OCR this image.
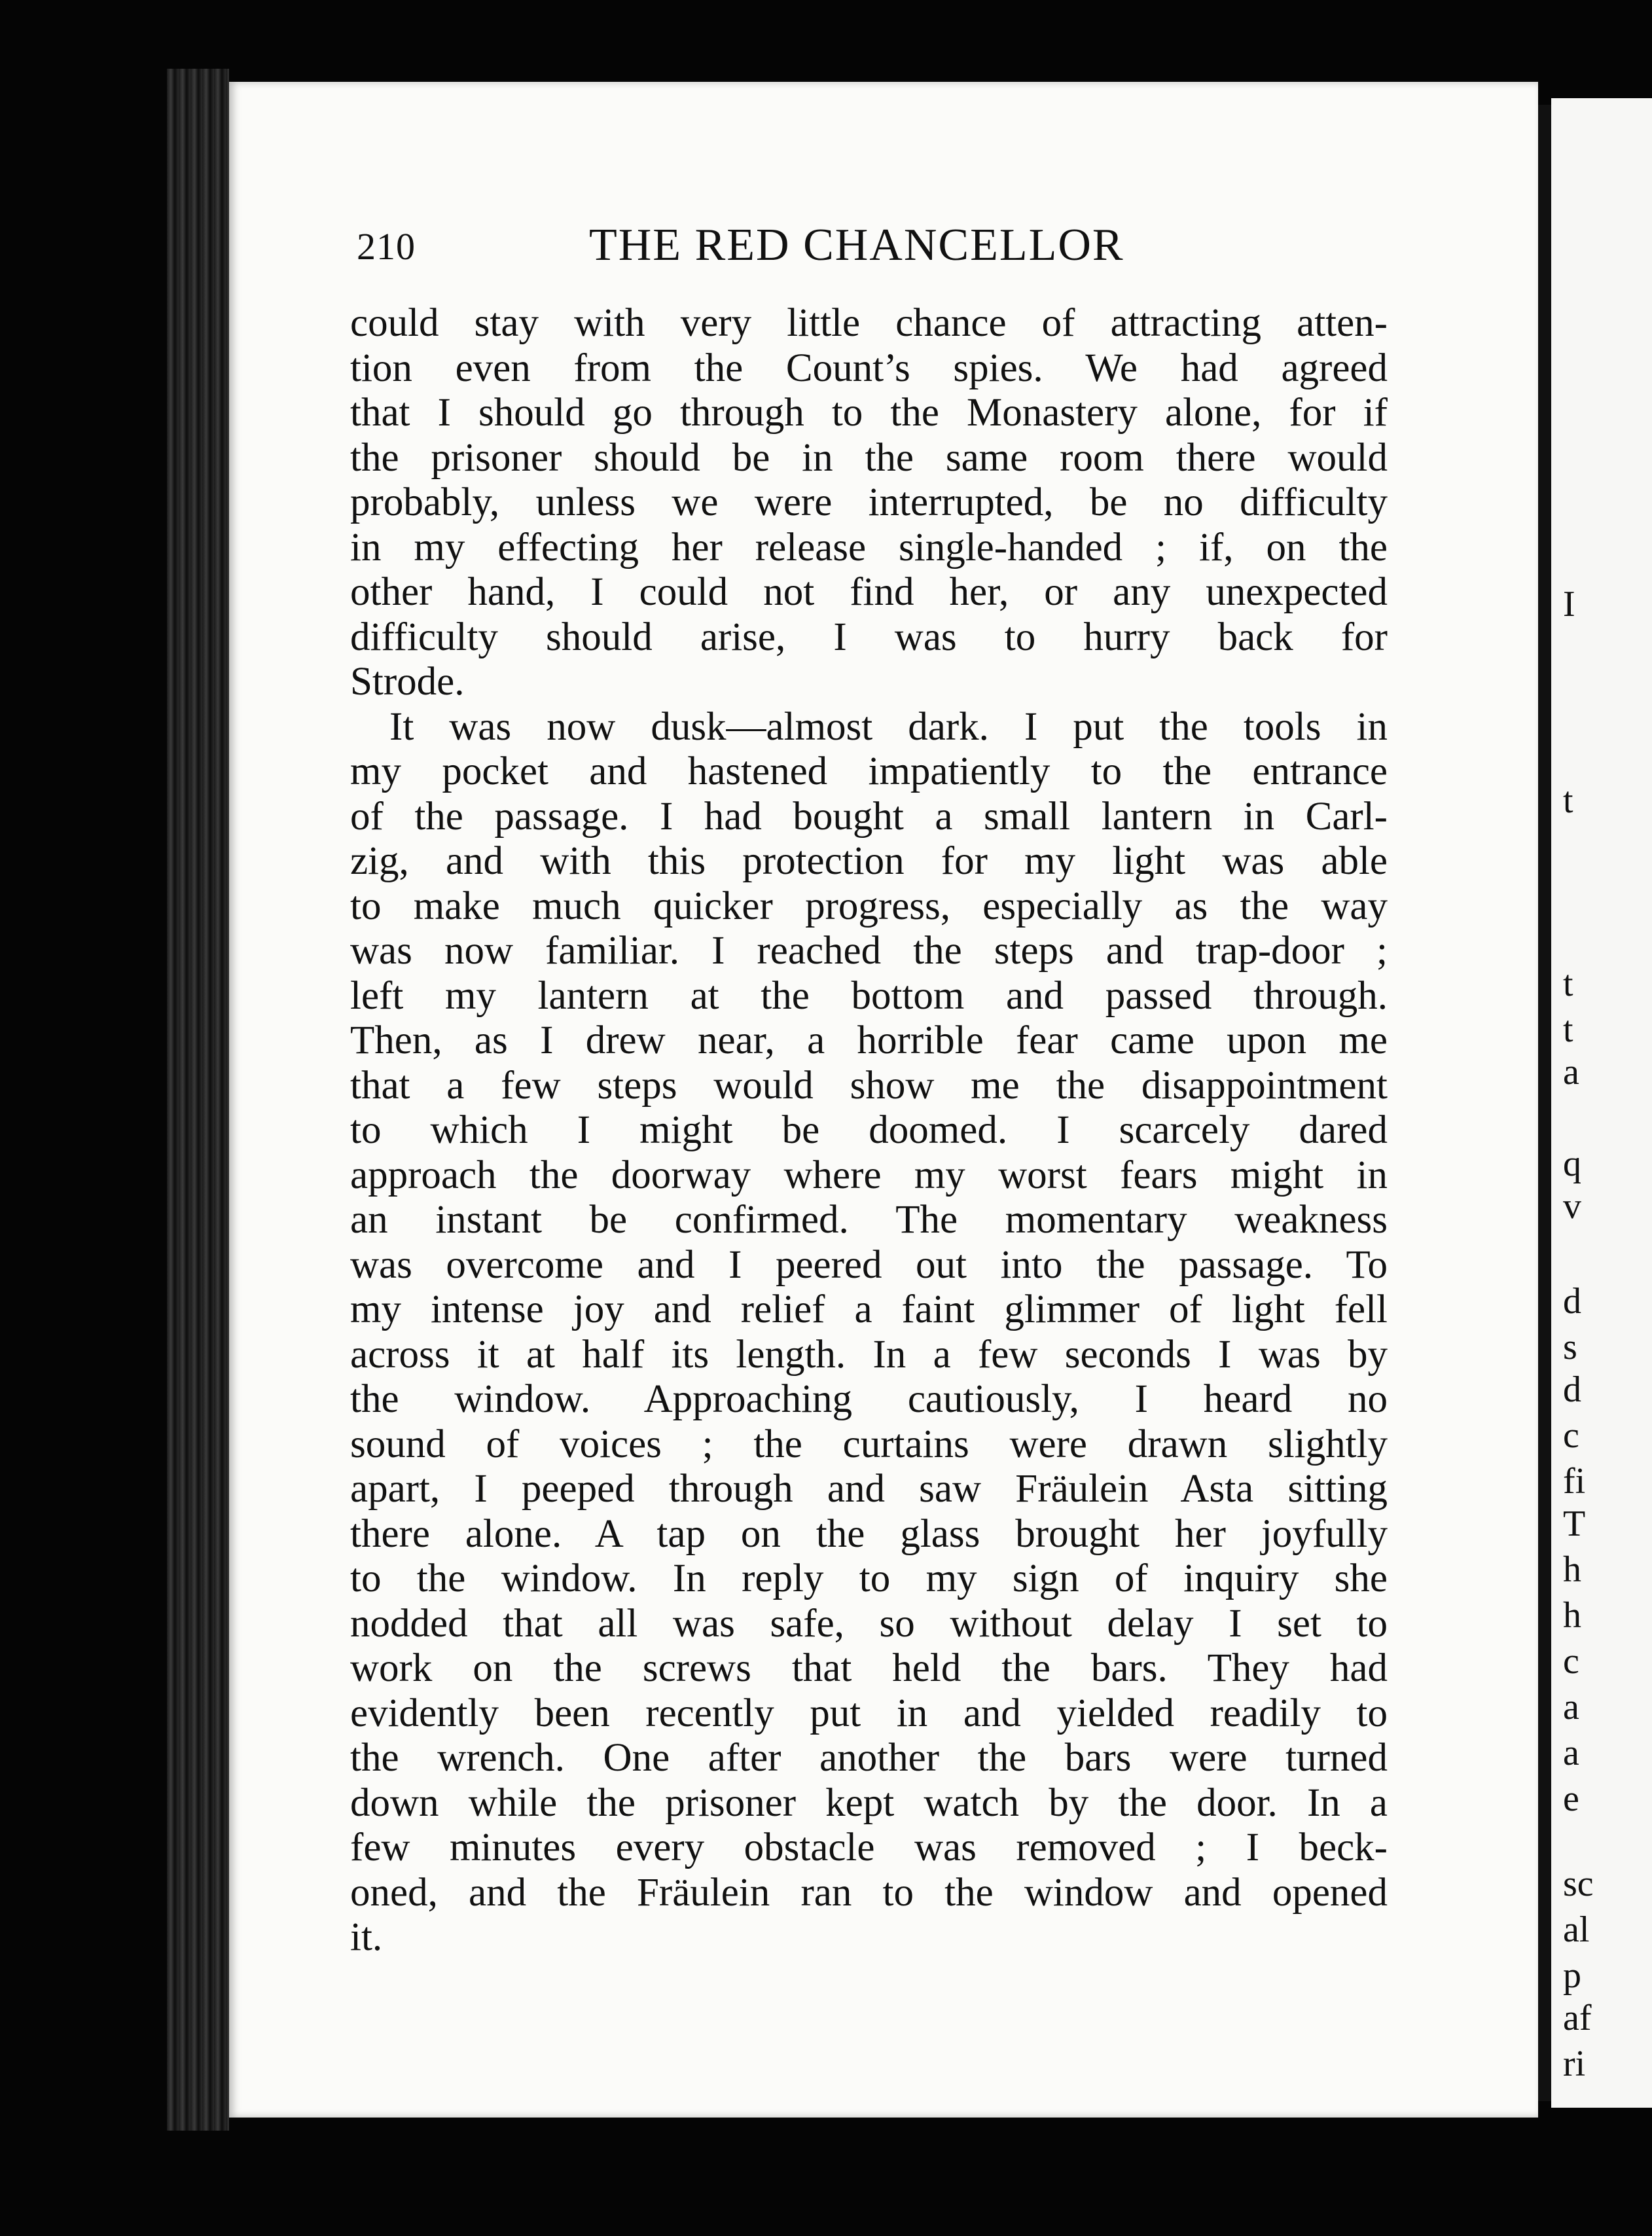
I
t
t
t
a
q
v
d
s
d
c
fi
T
h
h
c
a
a
e
sc
al
p
af
ri
210	THE RED CHANCELLOR
could stay with very little chance of attracting atten-
tion even from the Count’s spies. We had agreed
that I should go through to the Monastery alone, for if
the prisoner should be in the same room there would
probably, unless we were interrupted, be no difficulty
in my effecting her release single-handed ; if, on the
other hand, I could not find her, or any unexpected
difficulty should arise, I was to hurry back for
Strode.
It was now dusk—almost dark. I put the tools in
my pocket and hastened impatiently to the entrance
of the passage. I had bought a small lantern in Carl-
zig, and with this protection for my light was able
to make much quicker progress, especially as the way
was now familiar. I reached the steps and trap-door ;
left my lantern at the bottom and passed through.
Then, as I drew near, a horrible fear came upon me
that a few steps would show me the disappointment
to which I might be doomed. I scarcely dared
approach the doorway where my worst fears might in
an instant be confirmed. The momentary weakness
was overcome and I peered out into the passage. To
my intense joy and relief a faint glimmer of light fell
across it at half its length. In a few seconds I was by
the window. Approaching cautiously, I heard no
sound of voices ; the curtains were drawn slightly
apart, I peeped through and saw Fräulein Asta sitting
there alone. A tap on the glass brought her joyfully
to the window. In reply to my sign of inquiry she
nodded that all was safe, so without delay I set to
work on the screws that held the bars. They had
evidently been recently put in and yielded readily to
the wrench. One after another the bars were turned
down while the prisoner kept watch by the door. In a
few minutes every obstacle was removed ; I beck-
oned, and the Fräulein ran to the window and opened
it.
